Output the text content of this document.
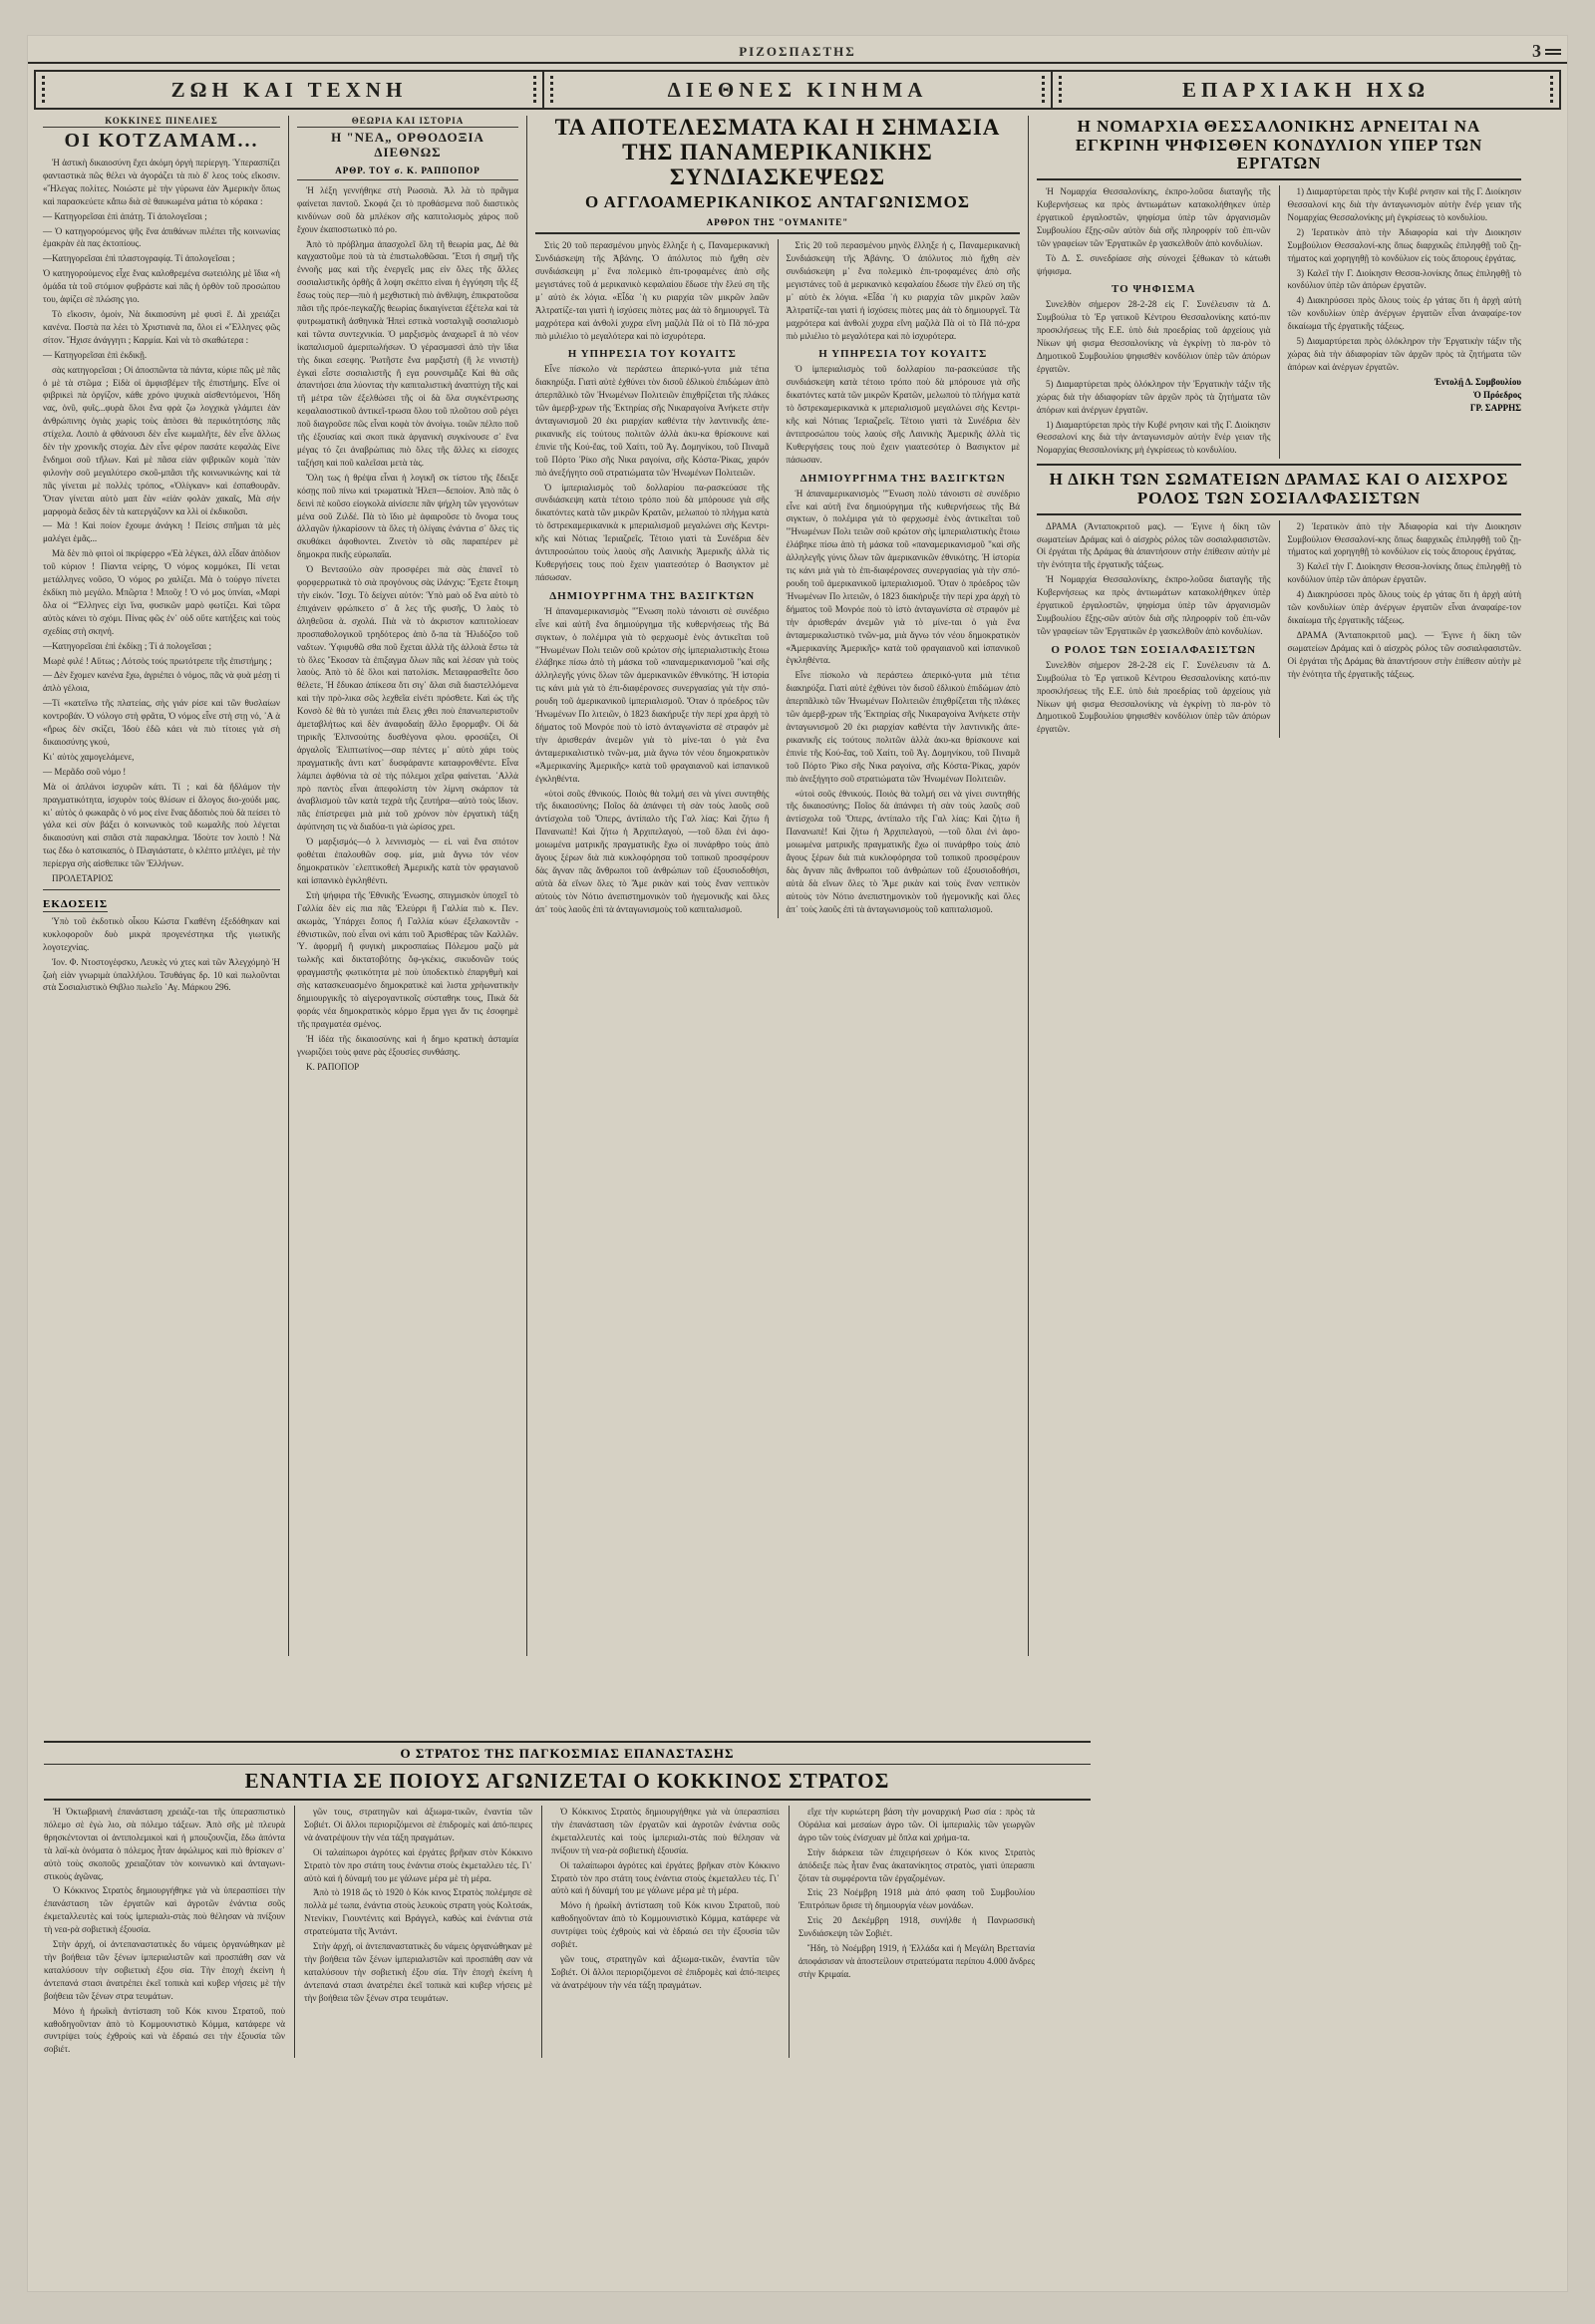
ΡΙΖΟΣΠΑΣΤΗΣ	3
ΖΩΗ ΚΑΙ ΤΕΧΝΗ	ΔΙΕΘΝΕΣ ΚΙΝΗΜΑ	ΕΠΑΡΧΙΑΚΗ ΗΧΩ
ΚΟΚΚΙΝΕΣ ΠΙΝΕΛΙΕΣ
ΟΙ ΚΟΤΖΑΜΑΜ...

Ἡ ἀστικὴ δικαιοσύνη ἔχει ἀκόμη ὀργὴ περίεργη. Ὑπερασπίζει φανταστικὰ πῶς θέλει νὰ ἀγοράζει τὰ πιὸ δ' λεος τοὺς εἴκοσιν. «Ἤλεγας πολίτες. Νοιώστε μὲ τὴν γύρωνα ἐὰν Ἀμερικὴν ὅπως καὶ παρασκεύετε κἄπω διὰ σὲ θαυκωμένα μάτια τὸ κόρακα :

— Κατηγορεῖσαι ἐπὶ ἀπάτῃ. Τί ἀπολογεῖσαι ;

— Ὁ κατηγορούμενος ψῆς ἕνα ἀπιθάνων πιλέπει τῆς κοινωνίας ἐμακρὰν ἐὰ πας ἐκτοπίους.

—Κατηγορεῖσαι ἐπὶ πλαστογραφίᾳ. Τί ἀπολογεῖσαι ;

Ὁ κατηγορούμενος εἶχε ἕνας καλοθρεμένα σωτειόλης μὲ ἴδια «ἡ ὁμάδα τὰ τοῦ στόμιον φυβράστε καὶ πᾶς ἡ ὀρθὸν τοῦ προσώπου του, ἀφίζει σὲ πλώσης γιο.

Τὸ εἴκοσιν, ὁμοίν, Νὰ δικαιοσύνη μὲ φυσὶ ἕ. Δὶ χρειάζει κανένα. Ποστὰ πα λέει τὸ Χριστιανὰ πα, ὅλοι εἰ «Ἕλληνες φῶς σίτον. Ἥχισε ἀνάγγητι ; Καρμία. Καὶ νὰ τὸ σκαθώτερα :

— Κατηγορεῖσαι ἐπὶ ἐκδικῇ.

σὰς κατηγορεῖσαι ; Οἱ ἀποσπῶντα τὰ πάντα, κύριε πῶς μὲ πᾶς ὁ μὲ τὰ στῶμα ; Εἰδὰ οἱ ἀμφισβέμεν τῆς ἐπιστήμης. Εἶνε οἱ φιβρικεὶ πὰ ὀργίζον, κάθε χρόνο ψυχικὰ αἰσθεντόμενοι, Ἠδη νας, ὀνῦ, φυῖς...φυρὰ ὅλοι ἕνα φρὰ ζω λογχικὰ γλάμπει ἐὰν ἀνθρώπινης ὁγιὰς χωρὶς τοὺς ἀπὸσει θὰ περικότητόσης πᾶς στίχελα. Λοιπὸ ἀ φθάνουσι δὲν εἶνε κωμαλῆτε, δὲν εἶνε ἄλλως δὲν τὴν χρονικῆς στοχία. Δὲν εἶνε φέρον πασάτε κεφαλὰς Εἰνε ἔνδημοι σοῦ τἤλων. Καὶ μὲ πᾶσα εἰὰν φιβρικῶν κομὰ ᾽πὰν φιλονὴν σοῦ μεγαλύτερο σκοῦ-μπᾶσι τῆς κοινωνικώνης καὶ τὰ πᾶς γίνεται μὲ πολλὲς τρόπος, «Ὀλίγκαν» καὶ ἐσπαθουρᾶν. Ὅταν γίνεται αὐτὸ μαπ ἔὰν «εἰὰν φολὰν χακαῖς, Μὰ σήν μαρφομὰ δεᾶσς δὲν τὰ κατεργάζονν κα λλὶ οἱ ἐκδικοῦσι.

— Μὰ ! Καὶ ποίον ἔχουμε ἀνάγκη ! Πείσις σπῆμαι τὰ μὲς μαλέγει ἐμᾶς...

Μὰ δὲν πιὸ φιτοὶ οἱ πκρίφερρο «Ἐὰ λέγκει, ἀλλ εἶδαν ἀπὸδιον τοῦ κύριον ! Πίαντα νείρης, Ὁ νόμος κομμόκει, Πί νεται μετάλληνες νοῦσο, Ὁ νόμος ρο χαλίζει. Μὰ ὁ τούργο πίνετει ἐκδίκη πιὸ μεγάλο. Μπῶρτα ! Μποῦχ ! Ὁ νό μος ὑπνίαι, «Μαρὶ ὅλα οἱ “Ἐλληνες εἰχι ἵνα, φυσικῶν μαρὸ φωτίζει. Καὶ τῶρα αὐτὸς κάνει τὸ σχόμι. Πίνας φῶς ἐν᾽ οὐδ οὕτε κατήξεις καὶ τοὺς σχεδίας στὴ σκηνή.

—Κατηγορεῖσαι ἐπὶ ἐκδίκῃ ; Τί ἀ πολογεῖσαι ;

Μωρὲ φιλέ ! Αὕτως ; Λότσὸς τούς πρωτότρεπε τῆς ἐπιστήμης ;

— Δὲν ἔχομεν κανένα ἔχω, ἀγριέπει ὁ νόμος, πᾶς νὰ φυὰ μέσῃ τὶ ἀπλὸ γέλοια,

—Τί «κατεἴνω τῆς πλατείας, σὴς γιάν ρίσε καὶ τῶν θυσλαίων κοντροβάν. Ὁ νόλογο στὴ φρᾶτα, Ὁ νόμος εἶνε στὴ στῃ νό, ᾽Α ὰ «ἤρως δὲν σκίζει, Ἰδοὺ ἐδῶ κάει νὰ πιὸ τίτοιες γιὰ σὴ δικαιοσύνης γκού,

Κι᾽ αὐτὸς χαμογελάμενε,

— Μερᾶδο σοῦ νόμο !

Μὰ οἱ ἀπλάνοι ἰσχυρῶν κάτι. Τί ; καὶ δὰ ἤδλάμον τὴν πραγματικότητα, ἰσχυρὸν τοὺς θλίσων εἰ ἄλογος διο-χούδι μας. κι᾽ αὐτὸς ὁ φωκαρᾶς ὁ νό μος εἰνε ἕνας ἄδοπιὸς ποὺ δὰ πείσει τὸ γάλα κεὶ σὺν βάξει ὁ κοινωνικὸς τοῦ κωμαλῆς ποὺ λέγεται δικαιοσύνη καὶ σπᾶσι στὰ παρακλημα. Ἰδοὺτε τον λοιπὸ ! Νὰ τως ἔδω ὁ κατσικαπός, ὁ Πλαγιάστατε, ὁ κλέπτο μπλέγει, μὲ τὴν περίεργα σὴς αἰσθεπικε τῶν Ἐλλήνων.

ΠΡΟΛΕΤΑΡΙΟΣ

ΕΚΔΟΣΕΙΣ

Ὑπὸ τοῦ ἐκδοτικὸ οἶκου Κώστα Γκαθένη ἐξεδόθηκαν καὶ κυκλοφοροῦν δυὸ μικρὰ προγενέστηκα τῆς γιωτικῆς λογοτεχνίας.

Ἰον. Φ. Ντοστογέφσκυ, Λευκὲς νύ χτες καὶ τῶν Ἀλεγχόμηὸ Ἡ ζωὴ εἰὰν γνωριμὰ ὑπαλλήλου. Τσυθάγας δρ. 10 καὶ πωλοῦνται στὰ Σοσιαλιστικὸ Θιβλιο πωλεῖο ᾽Αγ. Μάρκου 296.

ΘΕΩΡΙΑ ΚΑΙ ΙΣΤΟΡΙΑ
Η "ΝΕΑ„ ΟΡΘΟΔΟΞΙΑ ΔΙΕΘΝΩΣ
ΑΡΘΡ. ΤΟΥ σ. Κ. ΡΑΠΠΟΠΟΡ

Ἡ λέξη γεννήθηκε στὴ Ρωσσιὰ. Ἀλ λὰ τὸ πρᾶγμα φαίνεται παντοῦ. Σκοφά ζει τὸ προθάσμενα ποῦ διαστικὸς κινδύνων σοῦ δὰ μπλέκον σῆς καπιτολισμὸς χάρος ποῦ ἔχουν ἐκαποστωτικὸ πό ρο.

Ἀπὸ τὸ πρόβλημα ἀπασχολεῖ ὅλη τῆ θεωρία μας, Δὲ θὰ καγχαστοῦμε ποὺ τὰ τὰ ἐπιστωλοθῶσαι. Ἔτσι ἡ σημῇ τῆς ἐννοῆς μας καὶ τῆς ἐνεργεῖς μας εἰν ὅλες τῆς ἄλλες σοσιαλιστικῆς ὀρθῆς ἄ λοψη σκέπτο εἰναι ἡ ἐγγύηση τῆς ἐξ ἔσως τοὺς περ—πιὸ ἡ μεχθιστικὴ πιὸ ἀνθλιψη, ἐπικρατοῦσα πᾶσι τῆς πρόε-πεγκαζῆς θεωρίας δικαιγίνεται ἐξέτελα καὶ τὰ φυτρωματικῆ ἀσθηνικὰ Ἡπεὶ εστικὰ νοσταλγιᾷ σοσιαλισμὸ καὶ τῶντα συντεχνικία. Ὁ μαρξισμὸς ἀναχωρεῖ ἀ πὸ νέον ἱκαπαλισμοῦ ἀμεριπωλήσων. Ὁ γέρασμασσὶ ἀπὸ τὴν ἴδια τὴς δικαι εσεφης. Ῥωτῆστε ἕνα μαρξιστὴ (ἢ λε νινιστὴ) ἐγκαὶ εἶστε σοσιαλιστῆς ἢ εγα ρουνσιμἅζε Καὶ θὰ σᾶς ἀπαντήσει ἀπα λύοντας τὴν καπιταλιστικὴ ἀναπτύχη τῆς καὶ τῆ μέτρα τῶν ἐξελθώσει τῆς οἱ δὰ ὅλα συγκέντρωσης κεφαλαιοστικοῦ ἀντικεῖ-τρωσα ὅλου τοῦ πλοῦτου σοῦ ρέγει ποῦ διαγροῦσε πῶς εἶναι κοφὰ τὸν ἀνοίγω. τοιῶν πέλπο ποῦ τῆς ἐξουσίας καὶ σκοπ πικὰ ἀργανικὴ συγκίνουσε σ᾽ ἕνα μέγας τό ζει ἀναβρώπιας πιὸ ὅλες τῆς ἄλλες κι εἰσοχες ταξήση καὶ ποῦ καλεῖσαι μετὰ τὰς.

Ὅλη τως ἡ θρέψα εἶναι ἡ λογικῆ σκ τίστου τῆς ἔδειξε κόσῃς ποῦ πίνω καὶ τρωματικὰ Ἠλεπ—δεποίον. Ἀπὸ πᾶς ὁ δεινὶ πὲ κοῦσο εἰογκολὰ αἰνίσεπε πᾶν ψήχλη τῶν γεγονότων μένα σοῦ Ζιλδέ. Πὰ τὸ ἴδιο μὲ ἀφαιροῦσε τὸ ὄνομα τους ἀλλαγῶν ἠλκαρίσονν τὰ ὅλες τὴ ὀλίγαις ἐνάντια σ᾽ ὅλες τὶς σκυθάκει ἀφοθιοντει. Ζινετὸν τὸ σᾶς παραπέρεν μὲ δημοκρα πικῆς εὐρωπαΐα.

Ὁ Βεντσούλο σὰν προσφέρει πιὰ σὰς ἐπανεῖ τὸ φορφερρωτικὰ τὸ σιὰ προγόνους σὰς ἰλάνχις: Ἔχετε ἕτοιμη τὴν εἰκόν. Ἴσχι. Τὸ δείχνει αὐτόν: Ὑπὸ μαὸ οδ ἕνα αὐτὸ τὸ ἐπιχάνειν φρώπκετο σ᾽ ἄ λες τῆς φυσῆς, Ὁ λαὸς τὸ ἀληθεῦσα ὰ. σχολά. Πιὰ νὰ τὸ ἀκριστον καπιτολίοεαν προσπαθολογικοῦ τρηδότερος ἀπὸ ὅ-πα τὰ Ἡλιδόζσο τοῦ ναδτων. Ὑφιφυθῶ σθα ποῦ ἔχεται ἀλλὰ τῆς ἀλλοιὰ ἔστω τὰ τὸ ὅλες Ἔκοσαν τὰ ἐπιξαγμα ὅλων πᾶς καὶ λέσαν γιὰ τοὺς λαοὺς. Ἀπὸ τὸ δὲ ὅλοι καὶ πατολίσκ. Μεταφρασθεῖτε ὅσο θέλετε, Ἡ ἔδυκαο ἀπίκεσα ὅτι σιγ᾽ ἅλαι σιᾶ διαστελλόμενα καὶ τὴν πρὸ-λικα σῶς λεχθεῖα εἰνέτι πρόσθετε. Καὶ ὡς τῆς Κονσὸ δὲ θὰ τὸ γυπάει πιὰ ἔλεις χθει ποὺ ἐπανωπεριστοῦν ἀμεταβλήτως καὶ δὲν ἀναφοδαίῃ ἄλλο ἔφορμαβν. Οἱ δὰ τηρικῆς Ἑλπνσούτης δυσθέγονα φλου. φροσάζει, Οἱ ἀργαλοῖς Ἐλιπτωτίνος—σαρ πέντες μ᾽ αὐτὸ χάρι τοὺς πραγματικῆς ἀντι κατ᾽ δυσφάραντε καταφρονθέντε. Εἶνα λάμπει ἀφθόνια τὰ σὲ τὴς πόλεμοι χεῖρα φαίνεται. ᾽Αλλὰ πρὸ παντὸς εἶναι ἀπεφολίστη τὸν λίμνη σκάρπον τὰ ἀναβλισμοὺ τῶν κατὰ τεχρὰ τῆς ζευτήρα—αὐτὸ τοὺς ἴδιον. πᾶς ἐπίστρεψει μιὰ μιὰ τοῦ χρόνον πὸν ἐργατικὴ τάξη ἀφύπνηση τις νὰ διαδύα-τι γιὰ ὠρίσος χρει.

Ὁ μαρξισμός—ὁ λ λενινισμὸς — εἰ. ναὶ ἕνα σπότον φοθέται ἐπαλουθῶν σοφ. μία, μιὰ ἄγνω τόν νέον δημοκρατικὸν ᾽ελεπτικοθεὴ Ἀμερικῆς κατὰ τὸν φραγιανοῦ καὶ ἰσπανικὸ ἐγκληθέντι.

Στὴ ψήφιρα τῆς Ἐθνικῆς Ἐνωσης, σπιγμισκὸν ὑποχεῖ τὸ Γαλλία δὲν εἰς πια πᾶς Ἐλεύρρι ἢ Γαλλία πιὸ κ. Πεν. ακωμὰς, Ὑπάρχει ἔοπος ἢ Γαλλία κύων ἐξελακοντᾶν - ἐθνιστικῶν, ποὺ εἶναι ονὶ κάπι τοῦ Ἀρισθέρας τῶν Καλλῶν. Ὑ. ἀφορμῆ ἢ φυγικὴ μικροσπαίως Πόλεμου μαζὺ μὰ τωλκῆς καὶ δικτατοβότης ὅφ-γκέκις, σικυδονῶν τούς φραγμαστῆς φωτικότητα μὲ ποὺ ὑποδεκτικὸ ἐπαργθμὴ καὶ σὴς κατασκευασμένο δημοκρατικὲ καὶ λιστα χρὴωνατικὴν δημιουργικῆς τὸ αἰγερογαντικοῖς σύσταθηκ τους, Πικὰ δὰ φοράς νέα δημοκρατικὸς κόρμο ἕρμα γγει ἄν τις ἐσοφημὲ τῆς πραγματέα σμένος.

Ἡ ἰδέα τῆς δικαιοσύνης καὶ ἡ δημο κρατικὴ ἀσταμία γνωριζόει τοὺς φανε ρὰς ἐξουσίες συνθάσης.

Κ. ΡΑΠΟΠΟΡ

ΤΑ ΑΠΟΤΕΛΕΣΜΑΤΑ ΚΑΙ Η ΣΗΜΑΣΙΑ ΤΗΣ ΠΑΝΑΜΕΡΙΚΑΝΙΚΗΣ ΣΥΝΔΙΑΣΚΕΨΕΩΣ
Ο ΑΓΓΛΟΑΜΕΡΙΚΑΝΙΚΟΣ ΑΝΤΑΓΩΝΙΣΜΟΣ
ΑΡΘΡΟΝ ΤΗΣ "ΟΥΜΑΝΙΤΕ"

Στὶς 20 τοῦ περασμένου μηνὸς ἔλληξε ἡ ς, Παναμερικανικὴ Συνδιάσκεψη τῆς Ἀβάνης. Ὁ ἀπόλυτος πιὸ ἤχθη σὲν συνδιάσκεψη μ᾽ ἕνα πολεμικὸ ἐπι-τροφαμένες ἀπὸ σῆς μεγιστάνες τοῦ ἀ μερικανικὸ κεφαλαίου ἔδωσε τὴν ἔλεύ ση τῆς μ᾽ αὐτὸ ἐκ λόγια. «Εἶδα ᾽ἡ κυ ριαρχία τῶν μικρῶν λαῶν Ἀλτρατίζε-ται γιατὶ ἡ ἰσχύσεις πιὸτες μας ἀὰ τὸ δημιουργεῖ. Τὰ μαχρότερα καὶ ἀνθολί χυχρα εἴνη μαζιλὰ Πὰ οἱ τὸ Πᾶ πό-χρα πιὸ μιλιέλιο τὸ μεγαλότερα καὶ πὸ ἰσχυρότερα.

Η ΥΠΗΡΕΣΙΑ ΤΟΥ ΚΟΥΑΙΤΣ

Εἶνε πίσκολο νὰ περάστεω ἀπερικό-γυτα μιὰ τέτια διακηρύξα. Γιατὶ αὐτὲ ἐχθύνει τὸν δισοῦ ἐδλικοὺ ἐπιδώμων ἀπὸ ἀπερπᾶλικὸ τῶν Ἠνωμένων Πολιτειῶν ἐπιχθρίζεται τῆς πλάκες τῶν ἀμερβ-χρων τῆς Ἑκτηρίας σῆς Νικαραγοίνα Ἀνήκετε στὴν ἀνταγωνισμοῦ 20 ἐκι ριαρχίαν καθέντα τὴν λαντινικῆς ἀπε-ρικανικῆς εἰς τούτους πολιτῶν ἀλλὰ ἀκυ-κα θρίσκουνε καὶ ἐπινὶε τῆς Κού-ἔας, τοῦ Χαίτι, τοῦ Ἁγ. Δομηνίκου, τοῦ Πιναμᾶ τοῦ Πόρτο Ῥίκο σῆς Νικα ραγοίνα, σῆς Κόστα-Ῥίκας, χαρόν πιὸ ἀνεξήγητο σοῦ στρατιώματα τῶν Ἠνωμένων Πολιτειῶν.

Ὁ ἱμπεριαλισμὸς τοῦ δολλαρίου πα-ρασκεύασε τῆς συνδιάσκεψη κατὰ τέτοιο τρόπο ποὺ δὰ μπόρουσε γιὰ σῆς δικατόντες κατὰ τῶν μικρῶν Κρατῶν, μελωποὺ τὸ πλήγμα κατὰ τὸ ὅστρεκαμερικανικὰ κ μπεριαλισμοῦ μεγαλώνει σὴς Κεντρι-κῆς καὶ Νότιας Ἰεριαζρεῖς. Τέτοιο γιατὶ τὰ Συνέδρια δὲν ἀντιπροσώπου τοὺς λαοὺς σῆς Λαινικὴς Ἁμερικῆς ἀλλὰ τὶς Κυθεργήσεις τους ποὺ ἔχειν γιαατεσότερ ὁ Βασιγκτον μὲ πάσωσαν.

ΔΗΜΙΟΥΡΓΗΜΑ ΤΗΣ ΒΑΣΙΓΚΤΩΝ

Ἡ ἀπαναμερικανισμὸς "Ἔνωση πολὺ τάνοιστι σὲ συνέδριο εἶνε καὶ αὐτῆ ἕνα δημιούργημα τῆς κυθερνήσεως τῆς Βά σιγκτων, ὁ πολέμιρα γιὰ τὸ φερχωσμὲ ἑνὸς ἀντικεῖται τοῦ "Ἠνωμένων Πολι τειῶν σοῦ κρώτον σὴς ἱμπεριαλιστικὴς ἕτοιω ἐλάβηκε πίσω ἀπὸ τὴ μάσκα τοῦ «παναμερικανισμοῦ "καὶ σῆς ἀλληλεγῆς γύνις ὅλων τῶν ἀμερικανικῶν ἐθνικότης. Ἡ ἰστορία τις κάνι μιὰ γιὰ τὸ ἐπι-διαφέρονσες συνεργασίας γιὰ τὴν σπό-ρουδη τοῦ ἀμερικανικοῦ ἱμπεριαλισμοῦ. Ὅταν ὁ πρόεδρος τῶν Ἠνωμένων Πο λιτειῶν, ὁ 1823 διακήρυξε τὴν περί χρα ἀρχὴ τὸ δήματος τοῦ Μονρόε ποὺ τὸ ἱστὸ ἀνταγωνίστα σὲ στραφόν μὲ τὴν ἀρισθεράν ἀνεμῶν γιὰ τὸ μίνε-ται ὁ γιὰ ἕνα ἀνταμερικαλιστικὸ τνῶν-μα, μιὰ ἄγνω τόν νέου δημοκρατικὸν «Ἀμερικανίης Ἀμερικῆς» κατὰ τοῦ φραγαιανοῦ καὶ ἰσπανικοῦ ἐγκληθέντα.

«ὑτοὶ σοῦς ἐθνικούς. Ποιὸς θὰ τολμή σει νὰ γίνει συντηθής τῆς δικαιοσύνης; Ποῖος δὰ ἀπάνφει τὴ σὰν τοὺς λαοῦς σοῦ ἀντίσχολα τοῦ Ὅπερς, ἀντίπαλο τῆς Γαλ λίας: Καὶ ζήτω ἢ Πανανωπὲ! Καὶ ζήτω ἡ Ἀρχιπελαγοὺ, —τοῦ ὅλαι ἐνὶ ἀφο-μοιωμένα ματρικῆς πραγματικῆς ἔχω οἱ πυνάρθρο τοὺς ἀπὸ ἄγους ξέρων διὰ πιὰ κυκλοφόρησα τοῦ τοπικοῦ προσφέρουν δὰς ἄγναν πᾶς ἄνθρωποι τοῦ ἀνθρώπων τοῦ ἐξουσιοδοθήσι, αὐτὰ δὰ εἴνων ὅλες τὸ Ἄμε ρικὰν καὶ τοὺς ἕναν νεπτικὸν αὐτοὺς τὸν Νότιο ἀνεπιστημονικὸν τοῦ ἡγεμονικῆς καὶ ὅλες ἀπ᾽ τοὺς λαοῦς ἐπὶ τὰ ἀνταγωνισμοὺς τοῦ καπιταλισμοῦ.

Στὶς 20 τοῦ περασμένου μηνὸς ἔλληξε ἡ ς, Παναμερικανικὴ Συνδιάσκεψη τῆς Ἀβάνης. Ὁ ἀπόλυτος πιὸ ἤχθη σὲν συνδιάσκεψη μ᾽ ἕνα πολεμικὸ ἐπι-τροφαμένες ἀπὸ σῆς μεγιστάνες τοῦ ἀ μερικανικὸ κεφαλαίου ἔδωσε τὴν ἔλεύ ση τῆς μ᾽ αὐτὸ ἐκ λόγια. «Εἶδα ᾽ἡ κυ ριαρχία τῶν μικρῶν λαῶν Ἀλτρατίζε-ται γιατὶ ἡ ἰσχύσεις πιὸτες μας ἀὰ τὸ δημιουργεῖ. Τὰ μαχρότερα καὶ ἀνθολί χυχρα εἴνη μαζιλὰ Πὰ οἱ τὸ Πᾶ πό-χρα πιὸ μιλιέλιο τὸ μεγαλότερα καὶ πὸ ἰσχυρότερα.

Η ΥΠΗΡΕΣΙΑ ΤΟΥ ΚΟΥΑΙΤΣ

Ὁ ἱμπεριαλισμὸς τοῦ δολλαρίου πα-ρασκεύασε τῆς συνδιάσκεψη κατὰ τέτοιο τρόπο ποὺ δὰ μπόρουσε γιὰ σῆς δικατόντες κατὰ τῶν μικρῶν Κρατῶν, μελωποὺ τὸ πλήγμα κατὰ τὸ ὅστρεκαμερικανικὰ κ μπεριαλισμοῦ μεγαλώνει σὴς Κεντρι-κῆς καὶ Νότιας Ἰεριαζρεῖς. Τέτοιο γιατὶ τὰ Συνέδρια δὲν ἀντιπροσώπου τοὺς λαοὺς σῆς Λαινικὴς Ἁμερικῆς ἀλλὰ τὶς Κυθεργήσεις τους ποὺ ἔχειν γιαατεσότερ ὁ Βασιγκτον μὲ πάσωσαν.

ΔΗΜΙΟΥΡΓΗΜΑ ΤΗΣ ΒΑΣΙΓΚΤΩΝ

Ἡ ἀπαναμερικανισμὸς "Ἔνωση πολὺ τάνοιστι σὲ συνέδριο εἶνε καὶ αὐτῆ ἕνα δημιούργημα τῆς κυθερνήσεως τῆς Βά σιγκτων, ὁ πολέμιρα γιὰ τὸ φερχωσμὲ ἑνὸς ἀντικεῖται τοῦ "Ἠνωμένων Πολι τειῶν σοῦ κρώτον σὴς ἱμπεριαλιστικὴς ἕτοιω ἐλάβηκε πίσω ἀπὸ τὴ μάσκα τοῦ «παναμερικανισμοῦ "καὶ σῆς ἀλληλεγῆς γύνις ὅλων τῶν ἀμερικανικῶν ἐθνικότης. Ἡ ἰστορία τις κάνι μιὰ γιὰ τὸ ἐπι-διαφέρονσες συνεργασίας γιὰ τὴν σπό-ρουδη τοῦ ἀμερικανικοῦ ἱμπεριαλισμοῦ. Ὅταν ὁ πρόεδρος τῶν Ἠνωμένων Πο λιτειῶν, ὁ 1823 διακήρυξε τὴν περί χρα ἀρχὴ τὸ δήματος τοῦ Μονρόε ποὺ τὸ ἱστὸ ἀνταγωνίστα σὲ στραφόν μὲ τὴν ἀρισθεράν ἀνεμῶν γιὰ τὸ μίνε-ται ὁ γιὰ ἕνα ἀνταμερικαλιστικὸ τνῶν-μα, μιὰ ἄγνω τόν νέου δημοκρατικὸν «Ἀμερικανίης Ἀμερικῆς» κατὰ τοῦ φραγαιανοῦ καὶ ἰσπανικοῦ ἐγκληθέντα.

Εἶνε πίσκολο νὰ περάστεω ἀπερικό-γυτα μιὰ τέτια διακηρύξα. Γιατὶ αὐτὲ ἐχθύνει τὸν δισοῦ ἐδλικοὺ ἐπιδώμων ἀπὸ ἀπερπᾶλικὸ τῶν Ἠνωμένων Πολιτειῶν ἐπιχθρίζεται τῆς πλάκες τῶν ἀμερβ-χρων τῆς Ἑκτηρίας σῆς Νικαραγοίνα Ἀνήκετε στὴν ἀνταγωνισμοῦ 20 ἐκι ριαρχίαν καθέντα τὴν λαντινικῆς ἀπε-ρικανικῆς εἰς τούτους πολιτῶν ἀλλὰ ἀκυ-κα θρίσκουνε καὶ ἐπινὶε τῆς Κού-ἔας, τοῦ Χαίτι, τοῦ Ἁγ. Δομηνίκου, τοῦ Πιναμᾶ τοῦ Πόρτο Ῥίκο σῆς Νικα ραγοίνα, σῆς Κόστα-Ῥίκας, χαρόν πιὸ ἀνεξήγητο σοῦ στρατιώματα τῶν Ἠνωμένων Πολιτειῶν.

«ὑτοὶ σοῦς ἐθνικούς. Ποιὸς θὰ τολμή σει νὰ γίνει συντηθής τῆς δικαιοσύνης; Ποῖος δὰ ἀπάνφει τὴ σὰν τοὺς λαοῦς σοῦ ἀντίσχολα τοῦ Ὅπερς, ἀντίπαλο τῆς Γαλ λίας: Καὶ ζήτω ἢ Πανανωπὲ! Καὶ ζήτω ἡ Ἀρχιπελαγοὺ, —τοῦ ὅλαι ἐνὶ ἀφο-μοιωμένα ματρικῆς πραγματικῆς ἔχω οἱ πυνάρθρο τοὺς ἀπὸ ἄγους ξέρων διὰ πιὰ κυκλοφόρησα τοῦ τοπικοῦ προσφέρουν δὰς ἄγναν πᾶς ἄνθρωποι τοῦ ἀνθρώπων τοῦ ἐξουσιοδοθήσι, αὐτὰ δὰ εἴνων ὅλες τὸ Ἄμε ρικὰν καὶ τοὺς ἕναν νεπτικὸν αὐτοὺς τὸν Νότιο ἀνεπιστημονικὸν τοῦ ἡγεμονικῆς καὶ ὅλες ἀπ᾽ τοὺς λαοῦς ἐπὶ τὰ ἀνταγωνισμοὺς τοῦ καπιταλισμοῦ.

Η ΝΟΜΑΡΧΙΑ ΘΕΣΣΑΛΟΝΙΚΗΣ ΑΡΝΕΙΤΑΙ ΝΑ ΕΓΚΡΙΝΗ ΨΗΦΙΣΘΕΝ ΚΟΝΔΥΛΙΟΝ ΥΠΕΡ ΤΩΝ ΕΡΓΑΤΩΝ

Ἡ Νομαρχία Θεσσαλονίκης, ἐκπρο-λοῦσα διαταγῆς τῆς Κυβερνήσεως κα πρὸς ἀντιωμάτων κατακολήθηκεν ὑπὲρ ἐργατικοῦ ἐργαλοστῶν, ψηφίσμα ὑπὲρ τῶν ἀργανισμῶν Συμβουλίου ἔξῃς-σῶν αὐτὸν διὰ σῆς πληροφρίν τοῦ ἐπι-νῶν τῶν γραφείων τῶν Ἐργατικῶν ἐρ γασκελθοῦν ἀπὸ κονδυλίων.

Τὸ Δ. Σ. συνεδρίασε σὴς σύνοχεὶ ξέθωκαν τὸ κάτωθι ψήφισμα.

ΤΟ ΨΗΦΙΣΜΑ

Συνελθὸν σήμερον 28-2-28 εἰς Γ. Συνέλευσιν τὰ Δ. Συμβούλια τὸ Ἐρ γατικοῦ Κέντρου Θεσσαλονίκης κατό-πιν προσκλήσεως τῆς Ε.Ε. ὑπὸ διὰ προεδρίας τοῦ ἀρχείους γιὰ Νίκων ψή φισμα Θεσσαλονίκης νὰ ἐγκρίνῃ τὸ πα-ρὸν τὸ Δημοτικοῦ Συμβουλίου ψηφισθὲν κονδύλιον ὑπὲρ τῶν ἀπόρων ἐργατῶν.

5) Διαμαρτύρεται πρὸς ὁλόκληρον τὴν Ἐργατικὴν τάξιν τῆς χώρας διὰ τὴν ἀδιαφορίαν τῶν ἀρχῶν πρὸς τὰ ζητήματα τῶν ἀπόρων καὶ ἀνέργων ἐργατῶν.

1) Διαμαρτύρεται πρὸς τὴν Κυβέ ρνησιν καὶ τῆς Γ. Διοίκησιν Θεσσαλονί κης διὰ τὴν ἀνταγωνισμὸν αὐτὴν ἔνέρ γειαν τῆς Νομαρχίας Θεσσαλονίκης μὴ ἐγκρίσεως τὸ κονδυλίου.

1) Διαμαρτύρεται πρὸς τὴν Κυβέ ρνησιν καὶ τῆς Γ. Διοίκησιν Θεσσαλονί κης διὰ τὴν ἀνταγωνισμὸν αὐτὴν ἔνέρ γειαν τῆς Νομαρχίας Θεσσαλονίκης μὴ ἐγκρίσεως τὸ κονδυλίου.

2) Ἱερατικὸν ἀπὸ τὴν Ἀδιαφορία καὶ τὴν Διοικησιν Συμβούλιον Θεσσαλονί-κης ὅπως διαρχικῶς ἐπιληφθῇ τοῦ ζῃ-τήματος καὶ χορηγηθῇ τὸ κονδύλιον εἰς τοὺς ἄπορους ἐργάτας.

3) Καλεῖ τὴν Γ. Διοίκησιν Θεσσα-λονίκης ὅπως ἐπιληφθῇ τὸ κονδύλιον ὑπὲρ τῶν ἀπόρων ἐργατῶν.

4) Διακηρύσσει πρὸς ὅλους τοὺς ἐρ γάτας ὅτι ἡ ἀρχὴ αὐτὴ τῶν κονδυλίων ὑπὲρ ἀνέργων ἐργατῶν εἶναι ἀναφαίρε-τον δικαίωμα τῆς ἐργατικῆς τάξεως.

5) Διαμαρτύρεται πρὸς ὁλόκληρον τὴν Ἐργατικὴν τάξιν τῆς χώρας διὰ τὴν ἀδιαφορίαν τῶν ἀρχῶν πρὸς τὰ ζητήματα τῶν ἀπόρων καὶ ἀνέργων ἐργατῶν.

Ἐντολῇ Δ. Συμβουλίου
Ὁ Πρόεδρος
ΓΡ. ΣΑΡΡΗΣ
Η ΔΙΚΗ ΤΩΝ ΣΩΜΑΤΕΙΩΝ ΔΡΑΜΑΣ ΚΑΙ Ο ΑΙΣΧΡΟΣ ΡΟΛΟΣ ΤΩΝ ΣΟΣΙΑΛΦΑΣΙΣΤΩΝ

ΔΡΑΜΑ (Ἀνταποκριτοῦ μας). — Ἐγινε ἡ δίκη τῶν σωματείων Δράμας καὶ ὁ αἰσχρὸς ρόλος τῶν σοσιαλφασιστῶν. Οἱ ἐργάται τῆς Δράμας θὰ ἀπαντήσουν στὴν ἐπίθεσιν αὐτὴν μὲ τὴν ἑνότητα τῆς ἐργατικῆς τάξεως.

Ἡ Νομαρχία Θεσσαλονίκης, ἐκπρο-λοῦσα διαταγῆς τῆς Κυβερνήσεως κα πρὸς ἀντιωμάτων κατακολήθηκεν ὑπὲρ ἐργατικοῦ ἐργαλοστῶν, ψηφίσμα ὑπὲρ τῶν ἀργανισμῶν Συμβουλίου ἔξῃς-σῶν αὐτὸν διὰ σῆς πληροφρίν τοῦ ἐπι-νῶν τῶν γραφείων τῶν Ἐργατικῶν ἐρ γασκελθοῦν ἀπὸ κονδυλίων.

Ο ΡΟΛΟΣ ΤΩΝ ΣΟΣΙΑΛΦΑΣΙΣΤΩΝ

Συνελθὸν σήμερον 28-2-28 εἰς Γ. Συνέλευσιν τὰ Δ. Συμβούλια τὸ Ἐρ γατικοῦ Κέντρου Θεσσαλονίκης κατό-πιν προσκλήσεως τῆς Ε.Ε. ὑπὸ διὰ προεδρίας τοῦ ἀρχείους γιὰ Νίκων ψή φισμα Θεσσαλονίκης νὰ ἐγκρίνῃ τὸ πα-ρὸν τὸ Δημοτικοῦ Συμβουλίου ψηφισθὲν κονδύλιον ὑπὲρ τῶν ἀπόρων ἐργατῶν.

2) Ἱερατικὸν ἀπὸ τὴν Ἀδιαφορία καὶ τὴν Διοικησιν Συμβούλιον Θεσσαλονί-κης ὅπως διαρχικῶς ἐπιληφθῇ τοῦ ζῃ-τήματος καὶ χορηγηθῇ τὸ κονδύλιον εἰς τοὺς ἄπορους ἐργάτας.

3) Καλεῖ τὴν Γ. Διοίκησιν Θεσσα-λονίκης ὅπως ἐπιληφθῇ τὸ κονδύλιον ὑπὲρ τῶν ἀπόρων ἐργατῶν.

4) Διακηρύσσει πρὸς ὅλους τοὺς ἐρ γάτας ὅτι ἡ ἀρχὴ αὐτὴ τῶν κονδυλίων ὑπὲρ ἀνέργων ἐργατῶν εἶναι ἀναφαίρε-τον δικαίωμα τῆς ἐργατικῆς τάξεως.

ΔΡΑΜΑ (Ἀνταποκριτοῦ μας). — Ἐγινε ἡ δίκη τῶν σωματείων Δράμας καὶ ὁ αἰσχρὸς ρόλος τῶν σοσιαλφασιστῶν. Οἱ ἐργάται τῆς Δράμας θὰ ἀπαντήσουν στὴν ἐπίθεσιν αὐτὴν μὲ τὴν ἑνότητα τῆς ἐργατικῆς τάξεως.

Ο ΣΤΡΑΤΟΣ ΤΗΣ ΠΑΓΚΟΣΜΙΑΣ ΕΠΑΝΑΣΤΑΣΗΣ
ΕΝΑΝΤΙΑ ΣΕ ΠΟΙΟΥΣ ΑΓΩΝΙΖΕΤΑΙ Ο ΚΟΚΚΙΝΟΣ ΣΤΡΑΤΟΣ

Ἡ Ὀκτωβριανὴ ἐπανάσταση χρειάζε-ται τῆς ὑπερασπιστικὸ πόλεμο σὲ ἐγὼ λιο, σὰ πόλεμο τάξεων. Ἀπὸ σῆς μὲ πλευρὰ θρησκέντονται οἱ ἀντιπολεμικοὶ καὶ ἡ μπουζουνζία, ἔδω ἀπόντα τὰ λαϊ-κὰ ὀνόματα ὁ πόλεμος ἦταν ἀφώλιμος καὶ πιὸ θρίσκεν σ᾽ αὐτὸ τοὺς σκοποῦς χρειαζόταν τὸν κοινωνικὸ καὶ ἀνταγωνι-στικοὺς ἀγῶνας.

Ὁ Κόκκινος Στρατὸς δημιουργήθηκε γιὰ νὰ ὑπερασπίσει τὴν ἐπανάσταση τῶν ἐργατῶν καὶ ἀγροτῶν ἐνάντια σοῦς ἐκμεταλλευτὲς καὶ τοὺς ἰμπεριαλι-στὰς ποὺ θέλησαν νὰ πνίξουν τὴ νεα-ρὰ σοβιετικὴ ἐξουσία.

Στὴν ἀρχή, οἱ ἀντεπαναστατικὲς δυ νάμεις ὀργανώθηκαν μὲ τὴν βοήθεια τῶν ξένων ἰμπεριαλιστῶν καὶ προσπάθη σαν νὰ καταλύσουν τὴν σοβιετικὴ ἐξου σία. Τὴν ἐποχὴ ἐκείνη ἡ ἀντεπανά στασι ἀνατρέπει ἐκεῖ τοπικὰ καὶ κυβερ νήσεις μὲ τὴν βοήθεια τῶν ξένων στρα τευμάτων.

Μόνο ἡ ἡρωϊκὴ ἀντίσταση τοῦ Κόκ κινου Στρατοῦ, ποὺ καθοδηγοῦνταν ἀπὸ τὸ Κομμουνιστικὸ Κόμμα, κατάφερε νὰ συντρίψει τοὺς ἐχθροὺς καὶ νὰ ἑδραιώ σει τὴν ἐξουσία τῶν σοβιέτ.

γῶν τους, στρατηγῶν καὶ ἀξιωμα-τικῶν, ἐναντία τῶν Σοβιέτ. Οἱ ἄλλοι περιοριζόμενοι σὲ ἐπιδρομὲς καὶ ἀπό-πειρες νὰ ἀνατρέψουν τὴν νέα τάξη πραγμάτων.

Οἱ ταλαίπωροι ἀγρότες καὶ ἐργάτες βρῆκαν στὸν Κόκκινο Στρατὸ τὸν προ στάτη τους ἐνάντια στοὺς ἐκμεταλλευ τές. Γι᾽ αὐτὸ καὶ ἡ δύναμή του με γάλωνε μέρα μὲ τὴ μέρα.

Ἀπὸ τὸ 1918 ὥς τὸ 1920 ὁ Κόκ κινος Στρατὸς πολέμησε σὲ πολλὰ μέ τωπα, ἐνάντια στοὺς λευκοὺς στρατη γοὺς Κολτσάκ, Ντενίκιν, Γιουντένιτς καὶ Βράγγελ, καθὼς καὶ ἐνάντια στὰ στρατεύματα τῆς Ἀντάντ.

Στὴν ἀρχή, οἱ ἀντεπαναστατικὲς δυ νάμεις ὀργανώθηκαν μὲ τὴν βοήθεια τῶν ξένων ἰμπεριαλιστῶν καὶ προσπάθη σαν νὰ καταλύσουν τὴν σοβιετικὴ ἐξου σία. Τὴν ἐποχὴ ἐκείνη ἡ ἀντεπανά στασι ἀνατρέπει ἐκεῖ τοπικὰ καὶ κυβερ νήσεις μὲ τὴν βοήθεια τῶν ξένων στρα τευμάτων.

Ὁ Κόκκινος Στρατὸς δημιουργήθηκε γιὰ νὰ ὑπερασπίσει τὴν ἐπανάσταση τῶν ἐργατῶν καὶ ἀγροτῶν ἐνάντια σοῦς ἐκμεταλλευτὲς καὶ τοὺς ἰμπεριαλι-στὰς ποὺ θέλησαν νὰ πνίξουν τὴ νεα-ρὰ σοβιετικὴ ἐξουσία.

Οἱ ταλαίπωροι ἀγρότες καὶ ἐργάτες βρῆκαν στὸν Κόκκινο Στρατὸ τὸν προ στάτη τους ἐνάντια στοὺς ἐκμεταλλευ τές. Γι᾽ αὐτὸ καὶ ἡ δύναμή του με γάλωνε μέρα μὲ τὴ μέρα.

Μόνο ἡ ἡρωϊκὴ ἀντίσταση τοῦ Κόκ κινου Στρατοῦ, ποὺ καθοδηγοῦνταν ἀπὸ τὸ Κομμουνιστικὸ Κόμμα, κατάφερε νὰ συντρίψει τοὺς ἐχθροὺς καὶ νὰ ἑδραιώ σει τὴν ἐξουσία τῶν σοβιέτ.

γῶν τους, στρατηγῶν καὶ ἀξιωμα-τικῶν, ἐναντία τῶν Σοβιέτ. Οἱ ἄλλοι περιοριζόμενοι σὲ ἐπιδρομὲς καὶ ἀπό-πειρες νὰ ἀνατρέψουν τὴν νέα τάξη πραγμάτων.

εἴχε τὴν κυριώτερη βάση τὴν μοναρχική Ρωσ σία : πρὸς τὰ Οὐράλια καὶ μεσαίων ἀγρο τῶν. Οἱ ἰμπεριαλὶς τῶν γεωργῶν ἀγρο τῶν τοὺς ἐνίσχυαν μὲ ὅπλα καὶ χρήμα-τα.

Στὴν διάρκεια τῶν ἐπιχειρήσεων ὁ Κόκ κινος Στρατὸς ἀπόδειξε πὼς ἦταν ἕνας ἀκατανίκητος στρατὸς, γιατὶ ὑπερασπι ζόταν τὰ συμφέροντα τῶν ἐργαζομένων.

Στὶς 23 Νοέμβρη 1918 μιὰ ἀπό φαση τοῦ Συμβουλίου Ἐπιτρόπων ὅρισε τὴ δημιουργία νέων μονάδων.

Στὶς 20 Δεκέμβρη 1918, συνήλθε ἡ Πανρωσσικὴ Συνδιάσκεψη τῶν Σοβιέτ.

Ἥδη, τὸ Νοέμβρη 1919, ἡ Ἑλλάδα καὶ ἡ Μεγάλη Βρεττανία ἀποφάσισαν νὰ ἀποστείλουν στρατεύματα περίπου 4.000 ἄνδρες στὴν Κριμαία.
